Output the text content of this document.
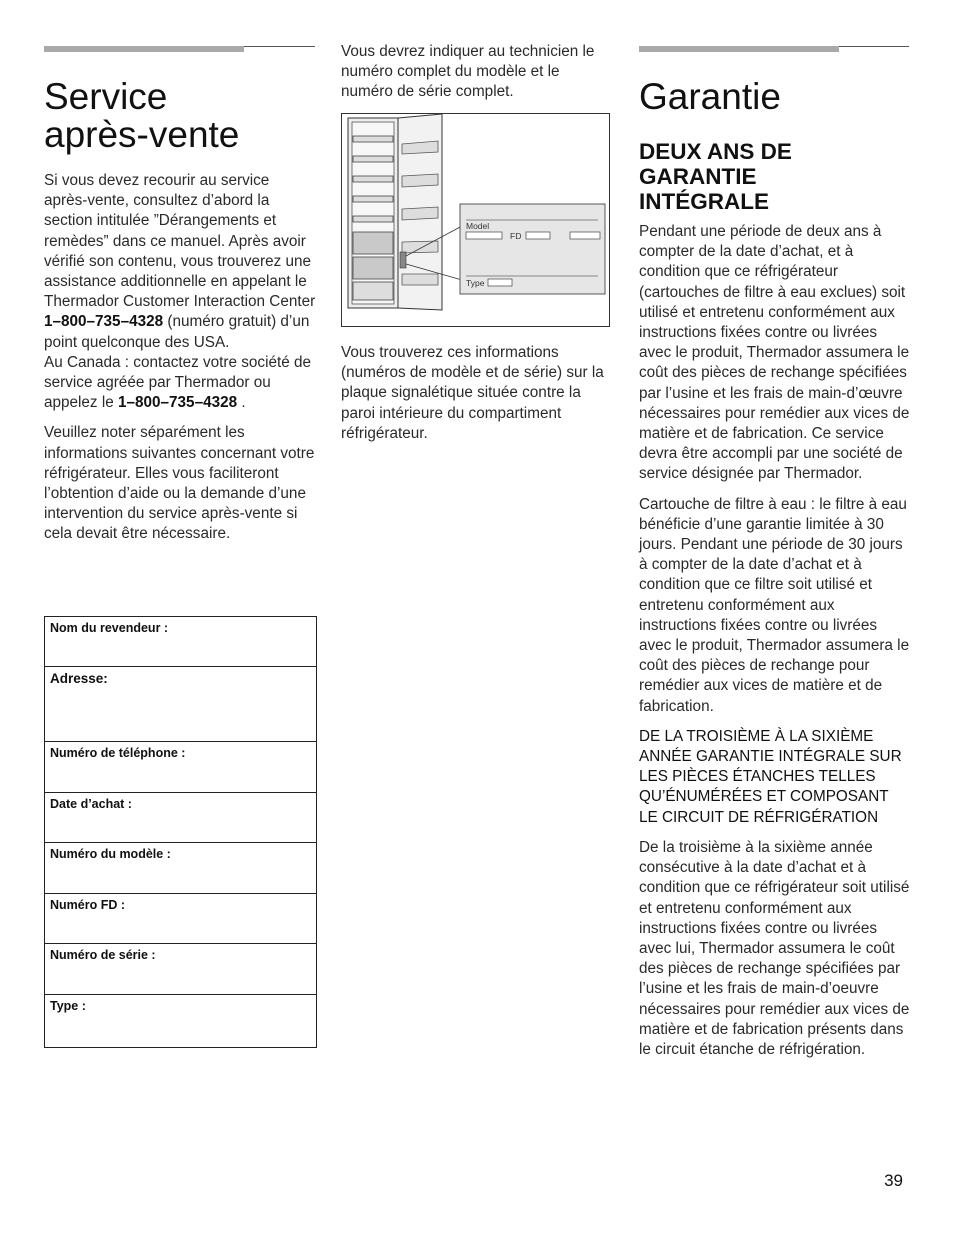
Service
après-vente

Si vous devez recourir au service après-vente, consultez d’abord la section intitulée ”Dérangements et remèdes” dans ce manuel. Après avoir vérifié son contenu, vous trouverez une assistance additionnelle en appelant le Thermador Customer Interaction Center 1–800–735–4328 (numéro gratuit) d’un point quelconque des USA.
Au Canada : contactez votre société de service agréée par Thermador ou appelez le 1–800–735–4328 .

Veuillez noter séparément les informations suivantes concernant votre réfrigérateur. Elles vous faciliteront l’obtention d’aide ou la demande d’une intervention du service après-vente si cela devait être nécessaire.

Nom du revendeur :
Adresse:
Numéro de téléphone :
Date d’achat :
Numéro du modèle :
Numéro FD :
Numéro de série :
Type :
Vous devrez indiquer au technicien le numéro complet du modèle et le numéro de série complet.
Model
FD
Type
Vous trouverez ces informations (numéros de modèle et de série) sur la plaque signalétique située contre la paroi intérieure du compartiment réfrigérateur.
Garantie
DEUX ANS DE
GARANTIE
INTÉGRALE

Pendant une période de deux ans à compter de la date d’achat, et à condition que ce réfrigérateur (cartouches de filtre à eau exclues) soit utilisé et entretenu conformément aux instructions fixées contre ou livrées avec le produit, Thermador assumera le coût des pièces de rechange spécifiées par l’usine et les frais de main-d’œuvre nécessaires pour remédier aux vices de matière et de fabrication. Ce service devra être accompli par une société de service désignée par Thermador.

Cartouche de filtre à eau : le filtre à eau bénéficie d’une garantie limitée à 30 jours. Pendant une période de 30 jours à compter de la date d’achat et à condition que ce filtre soit utilisé et entretenu conformément aux instructions fixées contre ou livrées avec le produit, Thermador assumera le coût des pièces de rechange pour remédier aux vices de matière et de fabrication.

DE LA TROISIÈME À LA SIXIÈME ANNÉE GARANTIE INTÉGRALE SUR LES PIÈCES ÉTANCHES TELLES QU’ÉNUMÉRÉES ET COMPOSANT LE CIRCUIT DE RÉFRIGÉRATION

De la troisième à la sixième année consécutive à la date d’achat et à condition que ce réfrigérateur soit utilisé et entretenu conformément aux instructions fixées contre ou livrées avec lui, Thermador assumera le coût des pièces de rechange spécifiées par l’usine et les frais de main-d’oeuvre nécessaires pour remédier aux vices de matière et de fabrication présents dans le circuit étanche de réfrigération.

39
